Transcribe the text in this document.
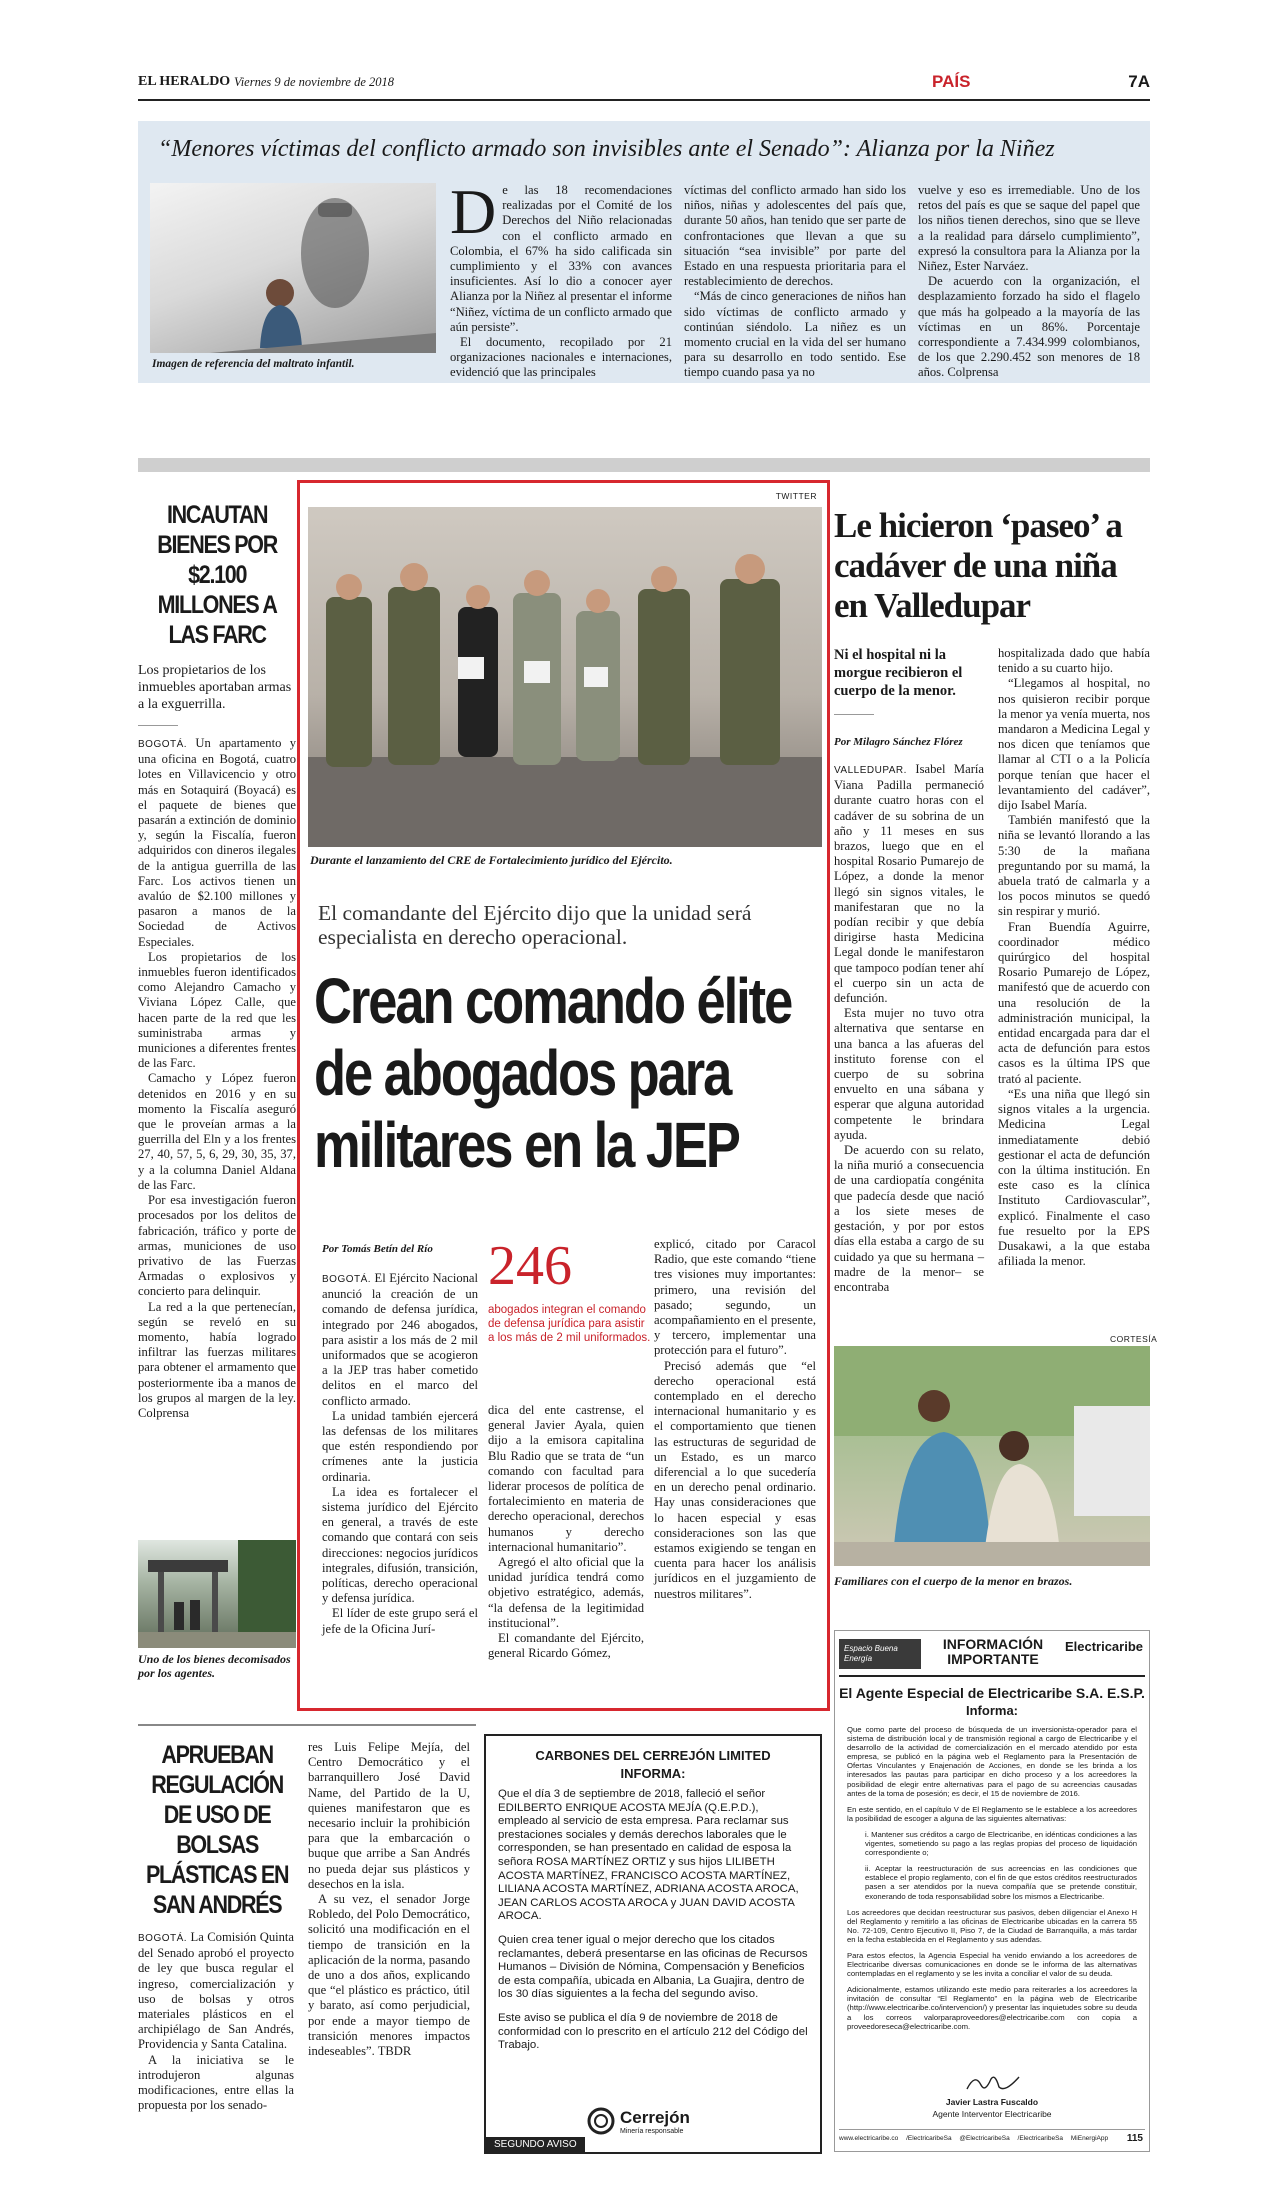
EL HERALDO Viernes 9 de noviembre de 2018	PAÍS	7A
“Menores víctimas del conflicto armado son invisibles ante el Senado”: Alianza por la Niñez
Imagen de referencia del maltrato infantil.
D e las 18 recomendaciones realizadas por el Comité de los Derechos del Niño relacionadas con el conflicto armado en Colombia, el 67% ha sido calificada sin cumplimiento y el 33% con avances insuficientes. Así lo dio a conocer ayer Alianza por la Niñez al presentar el informe “Niñez, víctima de un conflicto armado que aún persiste”.

El documento, recopilado por 21 organizaciones nacionales e internaciones, evidenció que las principales

víctimas del conflicto armado han sido los niños, niñas y adolescentes del país que, durante 50 años, han tenido que ser parte de confrontaciones que llevan a que su situación “sea invisible” por parte del Estado en una respuesta prioritaria para el restablecimiento de derechos.

“Más de cinco generaciones de niños han sido víctimas de conflicto armado y continúan siéndolo. La niñez es un momento crucial en la vida del ser humano para su desarrollo en todo sentido. Ese tiempo cuando pasa ya no

vuelve y eso es irremediable. Uno de los retos del país es que se saque del papel que los niños tienen derechos, sino que se lleve a la realidad para dárselo cumplimiento”, expresó la consultora para la Alianza por la Niñez, Ester Narváez.

De acuerdo con la organización, el desplazamiento forzado ha sido el flagelo que más ha golpeado a la mayoría de las víctimas en un 86%. Porcentaje correspondiente a 7.434.999 colombianos, de los que 2.290.452 son menores de 18 años. Colprensa

INCAUTAN BIENES POR $2.100 MILLONES A LAS FARC
Los propietarios de los inmuebles aportaban armas a la exguerrilla.

BOGOTÁ. Un apartamento y una oficina en Bogotá, cuatro lotes en Villavicencio y otro más en Sotaquirá (Boyacá) es el paquete de bienes que pasarán a extinción de dominio y, según la Fiscalía, fueron adquiridos con dineros ilegales de la antigua guerrilla de las Farc. Los activos tienen un avalúo de $2.100 millones y pasaron a manos de la Sociedad de Activos Especiales.

Los propietarios de los inmuebles fueron identificados como Alejandro Camacho y Viviana López Calle, que hacen parte de la red que les suministraba armas y municiones a diferentes frentes de las Farc.

Camacho y López fueron detenidos en 2016 y en su momento la Fiscalía aseguró que le proveían armas a la guerrilla del Eln y a los frentes 27, 40, 57, 5, 6, 29, 30, 35, 37, y a la columna Daniel Aldana de las Farc.

Por esa investigación fueron procesados por los delitos de fabricación, tráfico y porte de armas, municiones de uso privativo de las Fuerzas Armadas o explosivos y concierto para delinquir.

La red a la que pertenecían, según se reveló en su momento, había logrado infiltrar las fuerzas militares para obtener el armamento que posteriormente iba a manos de los grupos al margen de la ley. Colprensa

Uno de los bienes decomisados por los agentes.
TWITTER
Durante el lanzamiento del CRE de Fortalecimiento jurídico del Ejército.
El comandante del Ejército dijo que la unidad será especialista en derecho operacional.
Crean comando élite de abogados para militares en la JEP
Por Tomás Betín del Río

BOGOTÁ. El Ejército Nacional anunció la creación de un comando de defensa jurídica, integrado por 246 abogados, para asistir a los más de 2 mil uniformados que se acogieron a la JEP tras haber cometido delitos en el marco del conflicto armado.

La unidad también ejercerá las defensas de los militares que estén respondiendo por crímenes ante la justicia ordinaria.

La idea es fortalecer el sistema jurídico del Ejército en general, a través de este comando que contará con seis direcciones: negocios jurídicos integrales, difusión, transición, políticas, derecho operacional y defensa jurídica.

El líder de este grupo será el jefe de la Oficina Jurí-

246
abogados integran el comando de defensa jurídica para asistir a los más de 2 mil uniformados.

dica del ente castrense, el general Javier Ayala, quien dijo a la emisora capitalina Blu Radio que se trata de “un comando con facultad para liderar procesos de política de fortalecimiento en materia de derecho operacional, derechos humanos y derecho internacional humanitario”.

Agregó el alto oficial que la unidad jurídica tendrá como objetivo estratégico, además, “la defensa de la legitimidad institucional”.

El comandante del Ejército, general Ricardo Gómez,

explicó, citado por Caracol Radio, que este comando “tiene tres visiones muy importantes: primero, una revisión del pasado; segundo, un acompañamiento en el presente, y tercero, implementar una protección para el futuro”.

Precisó además que “el derecho operacional está contemplado en el derecho internacional humanitario y es el comportamiento que tienen las estructuras de seguridad de un Estado, es un marco diferencial a lo que sucedería en un derecho penal ordinario. Hay unas consideraciones que lo hacen especial y esas consideraciones son las que estamos exigiendo se tengan en cuenta para hacer los análisis jurídicos en el juzgamiento de nuestros militares”.

Le hicieron ‘paseo’ a cadáver de una niña en Valledupar
Ni el hospital ni la morgue recibieron el cuerpo de la menor.
Por Milagro Sánchez Flórez

VALLEDUPAR. Isabel María Viana Padilla permaneció durante cuatro horas con el cadáver de su sobrina de un año y 11 meses en sus brazos, luego que en el hospital Rosario Pumarejo de López, a donde la menor llegó sin signos vitales, le manifestaran que no la podían recibir y que debía dirigirse hasta Medicina Legal donde le manifestaron que tampoco podían tener ahí el cuerpo sin un acta de defunción.

Esta mujer no tuvo otra alternativa que sentarse en una banca a las afueras del instituto forense con el cuerpo de su sobrina envuelto en una sábana y esperar que alguna autoridad competente le brindara ayuda.

De acuerdo con su relato, la niña murió a consecuencia de una cardiopatía congénita que padecía desde que nació a los siete meses de gestación, y por por estos días ella estaba a cargo de su cuidado ya que su hermana –madre de la menor– se encontraba

hospitalizada dado que había tenido a su cuarto hijo.

“Llegamos al hospital, no nos quisieron recibir porque la menor ya venía muerta, nos mandaron a Medicina Legal y nos dicen que teníamos que llamar al CTI o a la Policía porque tenían que hacer el levantamiento del cadáver”, dijo Isabel María.

También manifestó que la niña se levantó llorando a las 5:30 de la mañana preguntando por su mamá, la abuela trató de calmarla y a los pocos minutos se quedó sin respirar y murió.

Fran Buendía Aguirre, coordinador médico quirúrgico del hospital Rosario Pumarejo de López, manifestó que de acuerdo con una resolución de la administración municipal, la entidad encargada para dar el acta de defunción para estos casos es la última IPS que trató al paciente.

“Es una niña que llegó sin signos vitales a la urgencia. Medicina Legal inmediatamente debió gestionar el acta de defunción con la última institución. En este caso es la clínica Instituto Cardiovascular”, explicó. Finalmente el caso fue resuelto por la EPS Dusakawi, a la que estaba afiliada la menor.

CORTESÍA
Familiares con el cuerpo de la menor en brazos.
APRUEBAN REGULACIÓN DE USO DE BOLSAS PLÁSTICAS EN SAN ANDRÉS

BOGOTÁ. La Comisión Quinta del Senado aprobó el proyecto de ley que busca regular el ingreso, comercialización y uso de bolsas y otros materiales plásticos en el archipiélago de San Andrés, Providencia y Santa Catalina.

A la iniciativa se le introdujeron algunas modificaciones, entre ellas la propuesta por los senado-

res Luis Felipe Mejía, del Centro Democrático y el barranquillero José David Name, del Partido de la U, quienes manifestaron que es necesario incluir la prohibición para que la embarcación o buque que arribe a San Andrés no pueda dejar sus plásticos y desechos en la isla.

A su vez, el senador Jorge Robledo, del Polo Democrático, solicitó una modificación en el tiempo de transición en la aplicación de la norma, pasando de uno a dos años, explicando que “el plástico es práctico, útil y barato, así como perjudicial, por ende a mayor tiempo de transición menores impactos indeseables”. TBDR

CARBONES DEL CERREJÓN LIMITED
INFORMA:

Que el día 3 de septiembre de 2018, falleció el señor EDILBERTO ENRIQUE ACOSTA MEJÍA (Q.E.P.D.), empleado al servicio de esta empresa. Para reclamar sus prestaciones sociales y demás derechos laborales que le corresponden, se han presentado en calidad de esposa la señora ROSA MARTÍNEZ ORTIZ y sus hijos LILIBETH ACOSTA MARTÍNEZ, FRANCISCO ACOSTA MARTÍNEZ, LILIANA ACOSTA MARTÍNEZ, ADRIANA ACOSTA AROCA, JEAN CARLOS ACOSTA AROCA y JUAN DAVID ACOSTA AROCA.

Quien crea tener igual o mejor derecho que los citados reclamantes, deberá presentarse en las oficinas de Recursos Humanos – División de Nómina, Compensación y Beneficios de esta compañía, ubicada en Albania, La Guajira, dentro de los 30 días siguientes a la fecha del segundo aviso.

Este aviso se publica el día 9 de noviembre de 2018 de conformidad con lo prescrito en el artículo 212 del Código del Trabajo.

Cerrejón
Minería responsable
SEGUNDO AVISO
Espacio Buena Energía
INFORMACIÓN IMPORTANTE
Electricaribe
El Agente Especial de Electricaribe S.A. E.S.P.
Informa:

Que como parte del proceso de búsqueda de un inversionista-operador para el sistema de distribución local y de transmisión regional a cargo de Electricaribe y el desarrollo de la actividad de comercialización en el mercado atendido por esta empresa, se publicó en la página web el Reglamento para la Presentación de Ofertas Vinculantes y Enajenación de Acciones, en donde se les brinda a los interesados las pautas para participar en dicho proceso y a los acreedores la posibilidad de elegir entre alternativas para el pago de su acreencias causadas antes de la toma de posesión; es decir, el 15 de noviembre de 2016.

En este sentido, en el capítulo V de El Reglamento se le establece a los acreedores la posibilidad de escoger a alguna de las siguientes alternativas:

i. Mantener sus créditos a cargo de Electricaribe, en idénticas condiciones a las vigentes, sometiendo su pago a las reglas propias del proceso de liquidación correspondiente o;

ii. Aceptar la reestructuración de sus acreencias en las condiciones que establece el propio reglamento, con el fin de que estos créditos reestructurados pasen a ser atendidos por la nueva compañía que se pretende constituir, exonerando de toda responsabilidad sobre los mismos a Electricaribe.

Los acreedores que decidan reestructurar sus pasivos, deben diligenciar el Anexo H del Reglamento y remitirlo a las oficinas de Electricaribe ubicadas en la carrera 55 No. 72-109, Centro Ejecutivo II, Piso 7, de la Ciudad de Barranquilla, a más tardar en la fecha establecida en el Reglamento y sus adendas.

Para estos efectos, la Agencia Especial ha venido enviando a los acreedores de Electricaribe diversas comunicaciones en donde se le informa de las alternativas contempladas en el reglamento y se les invita a conciliar el valor de su deuda.

Adicionalmente, estamos utilizando este medio para reiterarles a los acreedores la invitación de consultar “El Reglamento” en la página web de Electricaribe (http://www.electricaribe.co/intervencion/) y presentar las inquietudes sobre su deuda a los correos valorparaproveedores@electricaribe.com con copia a proveedoreseca@electricaribe.com.

Javier Lastra Fuscaldo
Agente Interventor Electricaribe
www.electricaribe.co /ElectricaribeSa @ElectricaribeSa /ElectricaribeSa MiEnergiApp 115
